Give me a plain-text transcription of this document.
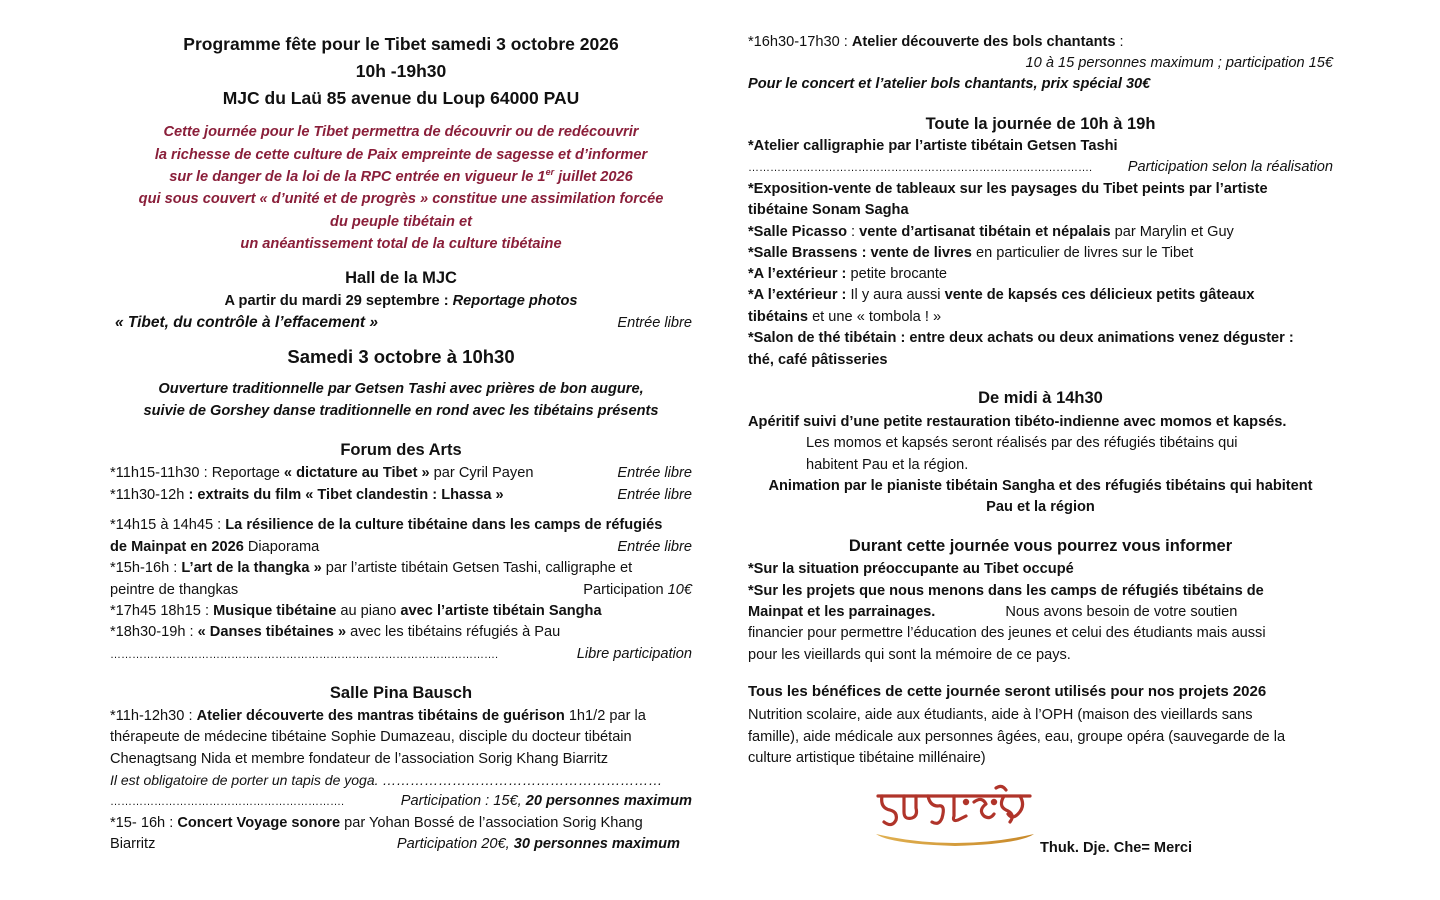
Programme fête pour le Tibet samedi 3 octobre 2026
10h -19h30
MJC du Laü 85 avenue du Loup 64000 PAU
Cette journée pour le Tibet permettra de découvrir ou de redécouvrir
la richesse de cette culture de Paix empreinte de sagesse et d’informer
sur le danger de la loi de la RPC entrée en vigueur le 1er juillet 2026
qui sous couvert « d’unité et de progrès » constitue une assimilation forcée
du peuple tibétain et
un anéantissement total de la culture tibétaine
Hall de la MJC
A partir du mardi 29 septembre : Reportage photos
« Tibet, du contrôle à l’effacement »	Entrée libre
Samedi 3 octobre à 10h30
Ouverture traditionnelle par Getsen Tashi avec prières de bon augure,
suivie de Gorshey danse traditionnelle en rond avec les tibétains présents
Forum des Arts
*11h15-11h30 : Reportage « dictature au Tibet » par Cyril Payen	Entrée libre
*11h30-12h : extraits du film « Tibet clandestin : Lhassa »	Entrée libre
*14h15 à 14h45 : La résilience de la culture tibétaine dans les camps de réfugiés
de Mainpat en 2026 Diaporama	Entrée libre
*15h-16h : L’art de la thangka » par l’artiste tibétain Getsen Tashi, calligraphe et
peintre de thangkas	Participation 10€
*17h45 18h15 : Musique tibétaine au piano avec l’artiste tibétain Sangha
*18h30-19h : « Danses tibétaines » avec les tibétains réfugiés à Pau
…………………………………………………………………………………………….	Libre participation
Salle Pina Bausch
*11h-12h30 : Atelier découverte des mantras tibétains de guérison 1h1/2 par la
thérapeute de médecine tibétaine Sophie Dumazeau, disciple du docteur tibétain
Chenagtsang Nida et membre fondateur de l’association Sorig Khang Biarritz
Il est obligatoire de porter un tapis de yoga. ……………………………………………………
……………………………………………………….	Participation : 15€, 20 personnes maximum
*15- 16h : Concert Voyage sonore par Yohan Bossé de l’association Sorig Khang
Biarritz	Participation 20€, 30 personnes maximum
*16h30-17h30 : Atelier découverte des bols chantants :
10 à 15 personnes maximum ; participation 15€
Pour le concert et l’atelier bols chantants, prix spécial 30€
Toute la journée de 10h à 19h
*Atelier calligraphie par l’artiste tibétain Getsen Tashi
…………………………………………………………………………………. Participation selon la réalisation
*Exposition-vente de tableaux sur les paysages du Tibet peints par l’artiste
tibétaine Sonam Sagha
*Salle Picasso : vente d’artisanat tibétain et népalais par Marylin et Guy
*Salle Brassens : vente de livres en particulier de livres sur le Tibet
*A l’extérieur : petite brocante
*A l’extérieur : Il y aura aussi vente de kapsés ces délicieux petits gâteaux
tibétains et une « tombola ! »
*Salon de thé tibétain : entre deux achats ou deux animations venez déguster :
thé, café pâtisseries
De midi à 14h30
Apéritif suivi d’une petite restauration tibéto-indienne avec momos et kapsés.
Les momos et kapsés seront réalisés par des réfugiés tibétains qui
habitent Pau et la région.
Animation par le pianiste tibétain Sangha et des réfugiés tibétains qui habitent
Pau et la région
Durant cette journée vous pourrez vous informer
*Sur la situation préoccupante au Tibet occupé
*Sur les projets que nous menons dans les camps de réfugiés tibétains de
Mainpat et les parrainages.	Nous avons besoin de votre soutien
financier pour permettre l’éducation des jeunes et celui des étudiants mais aussi
pour les vieillards qui sont la mémoire de ce pays.
Tous les bénéfices de cette journée seront utilisés pour nos projets 2026
Nutrition scolaire, aide aux étudiants, aide à l’OPH (maison des vieillards sans
famille), aide médicale aux personnes âgées, eau, groupe opéra (sauvegarde de la
culture artistique tibétaine millénaire)
Thuk. Dje. Che= Merci
